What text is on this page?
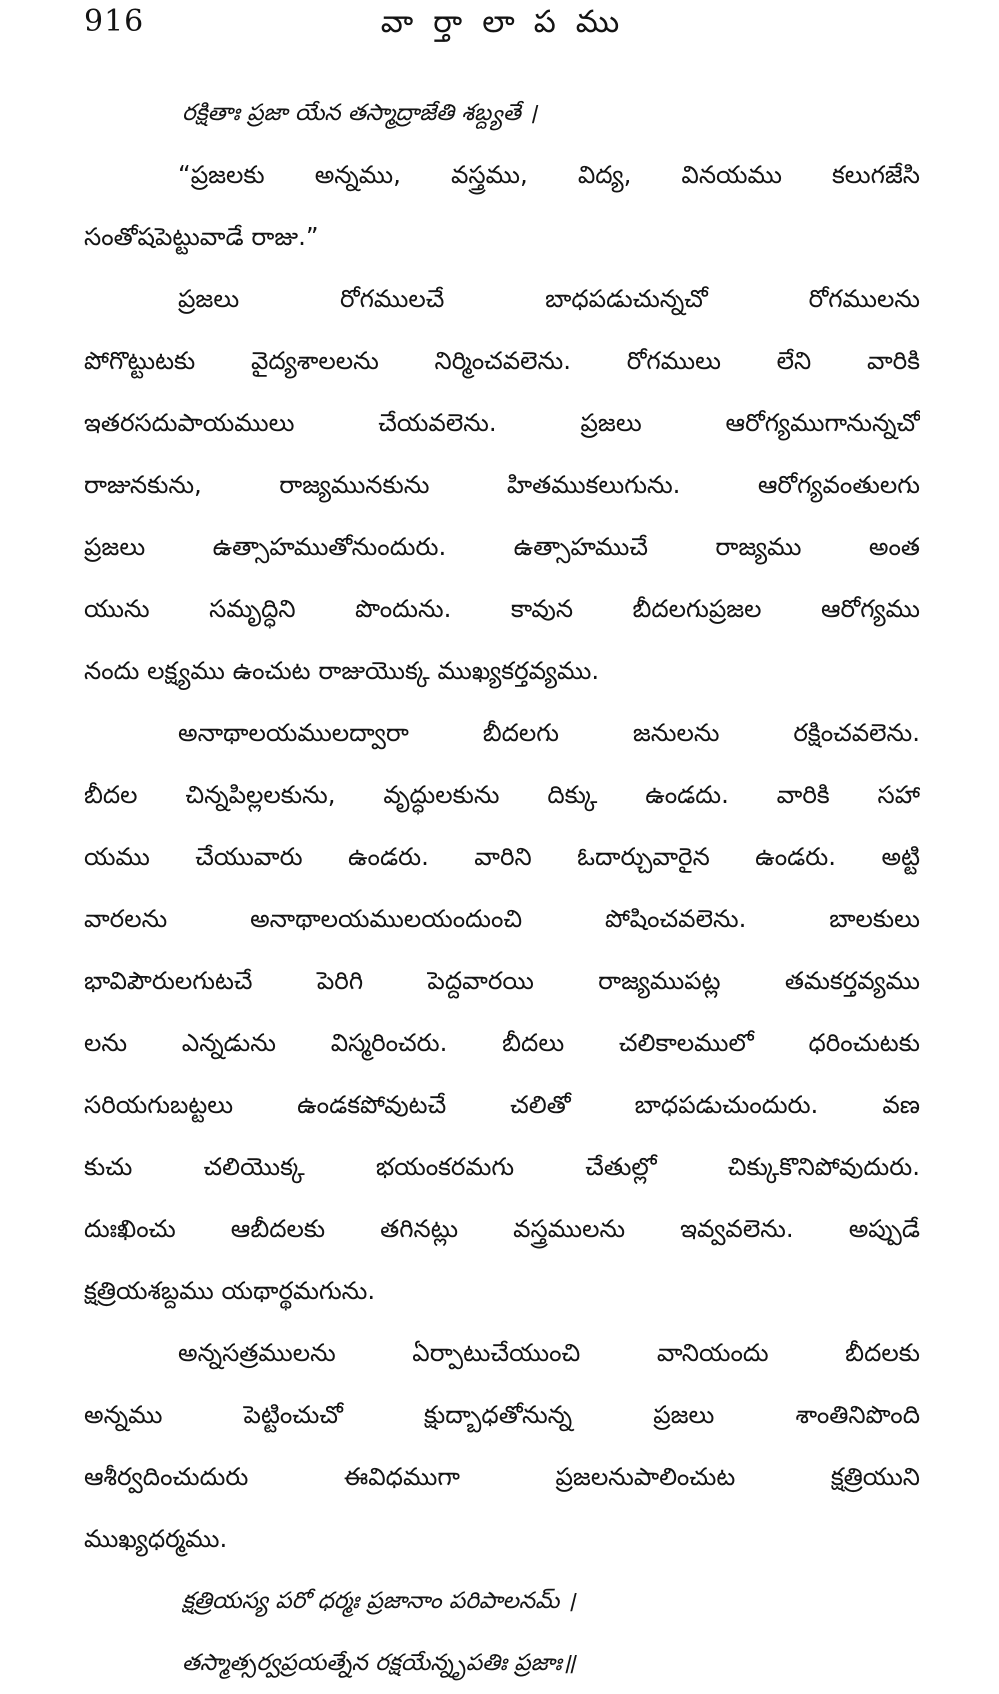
916	వార్తాలాపము
రక్షితాః ప్రజా యేన తస్మాద్రాజేతి శబ్ద్యతే ।
“ప్రజలకు అన్నము, వస్త్రము, విద్య, వినయము కలుగజేసి
సంతోషపెట్టువాడే రాజు.”
ప్రజలు రోగములచే బాధపడుచున్నచో రోగములను
పోగొట్టుటకు వైద్యశాలలను నిర్మించవలెను. రోగములు లేని వారికి
ఇతరసదుపాయములు చేయవలెను. ప్రజలు ఆరోగ్యముగానున్నచో
రాజునకును, రాజ్యమునకును హితముకలుగును. ఆరోగ్యవంతులగు
ప్రజలు ఉత్సాహముతోనుందురు. ఉత్సాహముచే రాజ్యము అంత
యును సమృద్ధిని పొందును. కావున బీదలగుప్రజల ఆరోగ్యము
నందు లక్ష్యము ఉంచుట రాజుయొక్క ముఖ్యకర్తవ్యము.
అనాథాలయములద్వారా బీదలగు జనులను రక్షించవలెను.
బీదల చిన్నపిల్లలకును, వృద్ధులకును దిక్కు ఉండదు. వారికి సహా
యము చేయువారు ఉండరు. వారిని ఓదార్చువారైన ఉండరు. అట్టి
వారలను అనాథాలయములయందుంచి పోషించవలెను. బాలకులు
భావిపౌరులగుటచే పెరిగి పెద్దవారయి రాజ్యముపట్ల తమకర్తవ్యము
లను ఎన్నడును విస్మరించరు. బీదలు చలికాలములో ధరించుటకు
సరియగుబట్టలు ఉండకపోవుటచే చలితో బాధపడుచుందురు. వణ
కుచు చలియొక్క భయంకరమగు చేతుల్లో చిక్కుకొనిపోవుదురు.
దుఃఖించు ఆబీదలకు తగినట్లు వస్త్రములను ఇవ్వవలెను. అప్పుడే
క్షత్రియశబ్దము యథార్థమగును.
అన్నసత్రములను ఏర్పాటుచేయుంచి వానియందు బీదలకు
అన్నము పెట్టించుచో క్షుద్బాధతోనున్న ప్రజలు శాంతినిపొంది
ఆశీర్వదించుదురు ఈవిధముగా ప్రజలనుపాలించుట క్షత్రియుని
ముఖ్యధర్మము.
క్షత్రియస్య పరో ధర్మః ప్రజానాం పరిపాలనమ్ ।
తస్మాత్సర్వప్రయత్నేన రక్షయేన్నృపతిః ప్రజాః॥
